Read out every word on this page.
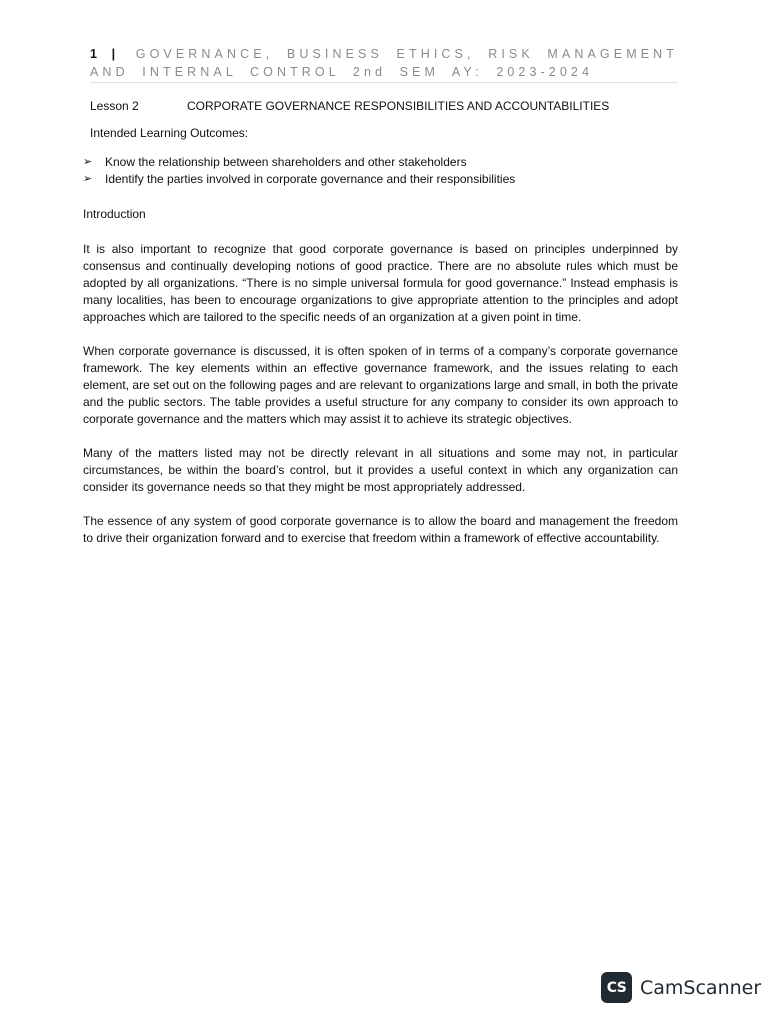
1 | GOVERNANCE, BUSINESS ETHICS, RISK MANAGEMENT AND INTERNAL CONTROL 2nd SEM AY: 2023-2024
Lesson 2	CORPORATE GOVERNANCE RESPONSIBILITIES AND ACCOUNTABILITIES
Intended Learning Outcomes:
➢	Know the relationship between shareholders and other stakeholders
➢	Identify the parties involved in corporate governance and their responsibilities
Introduction

It is also important to recognize that good corporate governance is based on principles underpinned by consensus and continually developing notions of good practice. There are no absolute rules which must be adopted by all organizations. “There is no simple universal formula for good governance.” Instead emphasis is many localities, has been to encourage organizations to give appropriate attention to the principles and adopt approaches which are tailored to the specific needs of an organization at a given point in time.

When corporate governance is discussed, it is often spoken of in terms of a company’s corporate governance framework. The key elements within an effective governance framework, and the issues relating to each element, are set out on the following pages and are relevant to organizations large and small, in both the private and the public sectors. The table provides a useful structure for any company to consider its own approach to corporate governance and the matters which may assist it to achieve its strategic objectives.

Many of the matters listed may not be directly relevant in all situations and some may not, in particular circumstances, be within the board’s control, but it provides a useful context in which any organization can consider its governance needs so that they might be most appropriately addressed.

The essence of any system of good corporate governance is to allow the board and management the freedom to drive their organization forward and to exercise that freedom within a framework of effective accountability.

CS CamScanner
